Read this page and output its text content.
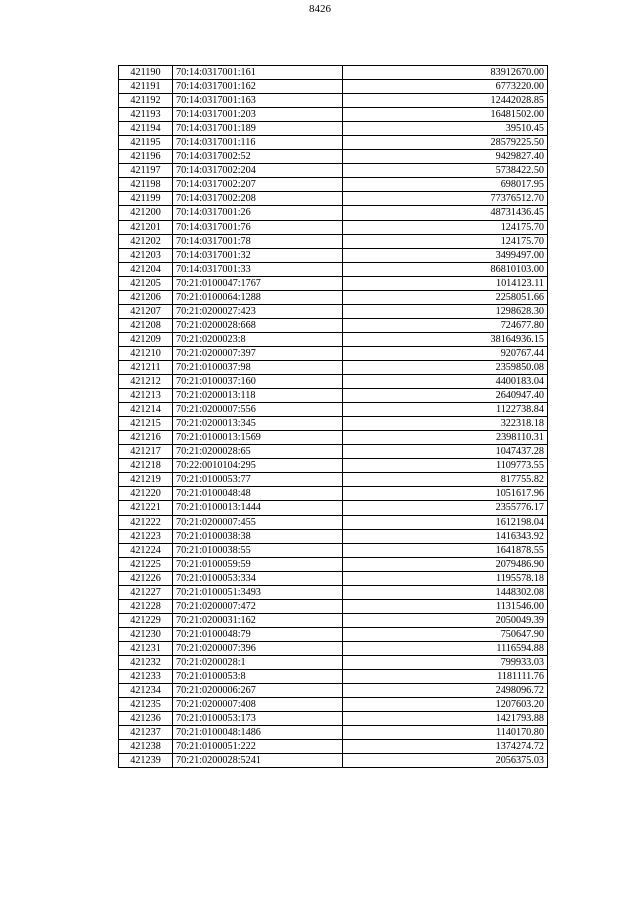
8426
421190	70:14:0317001:161	83912670.00
421191	70:14:0317001:162	6773220.00
421192	70:14:0317001:163	12442028.85
421193	70:14:0317001:203	16481502.00
421194	70:14:0317001:189	39510.45
421195	70:14:0317001:116	28579225.50
421196	70:14:0317002:52	9429827.40
421197	70:14:0317002:204	5738422.50
421198	70:14:0317002:207	698017.95
421199	70:14:0317002:208	77376512.70
421200	70:14:0317001:26	48731436.45
421201	70:14:0317001:76	124175.70
421202	70:14:0317001:78	124175.70
421203	70:14:0317001:32	3499497.00
421204	70:14:0317001:33	86810103.00
421205	70:21:0100047:1767	1014123.11
421206	70:21:0100064:1288	2258051.66
421207	70:21:0200027:423	1298628.30
421208	70:21:0200028:668	724677.80
421209	70:21:0200023:8	38164936.15
421210	70:21:0200007:397	920767.44
421211	70:21:0100037:98	2359850.08
421212	70:21:0100037:160	4400183.04
421213	70:21:0200013:118	2640947.40
421214	70:21:0200007:556	1122738.84
421215	70:21:0200013:345	322318.18
421216	70:21:0100013:1569	2398110.31
421217	70:21:0200028:65	1047437.28
421218	70:22:0010104:295	1109773.55
421219	70:21:0100053:77	817755.82
421220	70:21:0100048:48	1051617.96
421221	70:21:0100013:1444	2355776.17
421222	70:21:0200007:455	1612198.04
421223	70:21:0100038:38	1416343.92
421224	70:21:0100038:55	1641878.55
421225	70:21:0100059:59	2079486.90
421226	70:21:0100053:334	1195578.18
421227	70:21:0100051:3493	1448302.08
421228	70:21:0200007:472	1131546.00
421229	70:21:0200031:162	2050049.39
421230	70:21:0100048:79	750647.90
421231	70:21:0200007:396	1116594.88
421232	70:21:0200028:1	799933.03
421233	70:21:0100053:8	1181111.76
421234	70:21:0200006:267	2498096.72
421235	70:21:0200007:408	1207603.20
421236	70:21:0100053:173	1421793.88
421237	70:21:0100048:1486	1140170.80
421238	70:21:0100051:222	1374274.72
421239	70:21:0200028:5241	2056375.03
